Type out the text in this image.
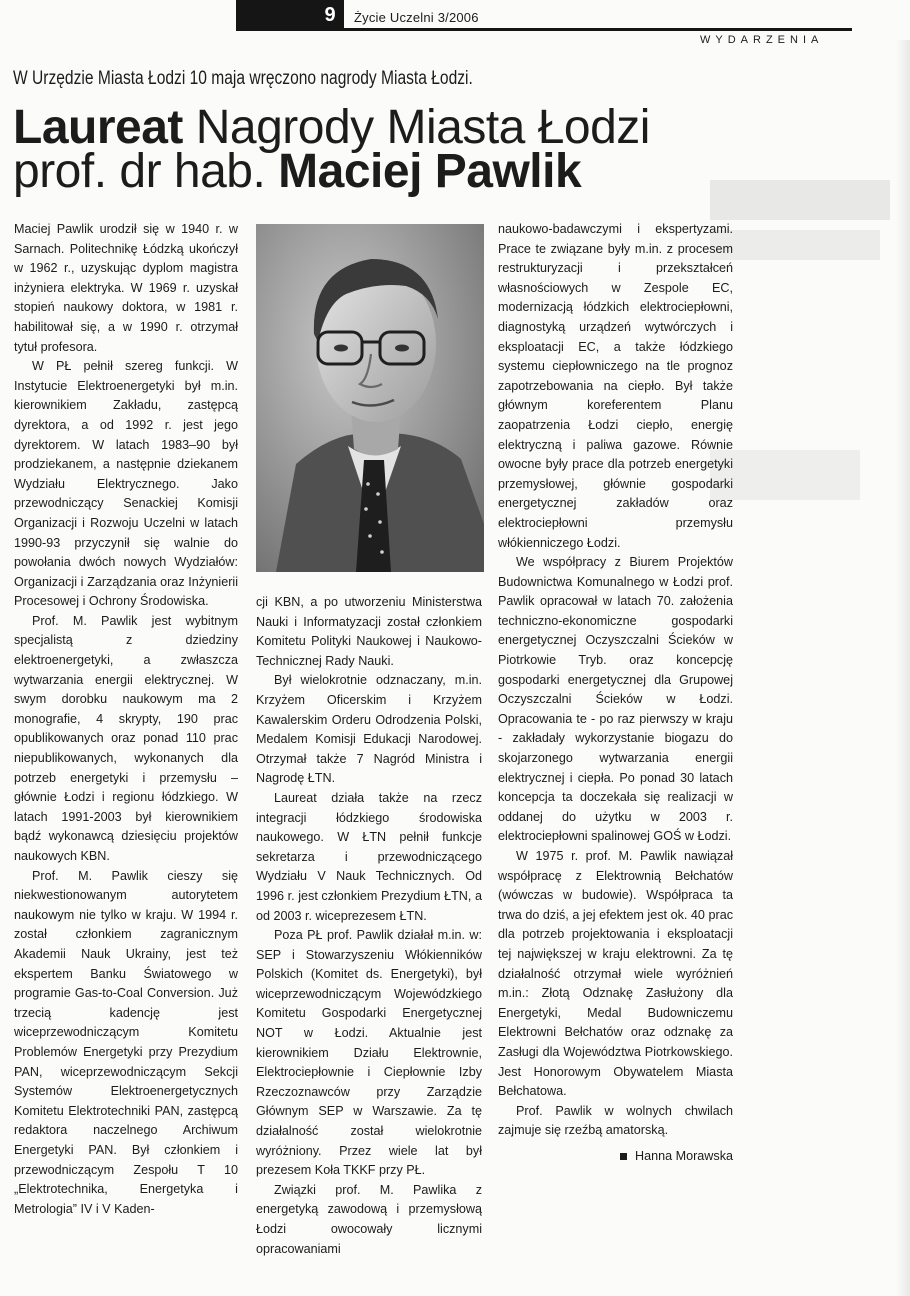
9	Życie Uczelni 3/2006
WYDARZENIA
W Urzędzie Miasta Łodzi 10 maja wręczono nagrody Miasta Łodzi.
Laureat Nagrody Miasta Łodzi
prof. dr hab. Maciej Pawlik

Maciej Pawlik urodził się w 1940 r. w Sarnach. Politechnikę Łódzką ukończył w 1962 r., uzyskując dyplom magistra inżyniera elektryka. W 1969 r. uzyskał stopień naukowy doktora, w 1981 r. habilitował się, a w 1990 r. otrzymał tytuł profesora.

W PŁ pełnił szereg funkcji. W Instytucie Elektroenergetyki był m.in. kierownikiem Zakładu, zastępcą dyrektora, a od 1992 r. jest jego dyrektorem. W latach 1983–90 był prodziekanem, a następnie dziekanem Wydziału Elektrycznego. Jako przewodniczący Senackiej Komisji Organizacji i Rozwoju Uczelni w latach 1990-93 przyczynił się walnie do powołania dwóch nowych Wydziałów: Organizacji i Zarządzania oraz Inżynierii Procesowej i Ochrony Środowiska.

Prof. M. Pawlik jest wybitnym specjalistą z dziedziny elektroenergetyki, a zwłaszcza wytwarzania energii elektrycznej. W swym dorobku naukowym ma 2 monografie, 4 skrypty, 190 prac opublikowanych oraz ponad 110 prac niepublikowanych, wykonanych dla potrzeb energetyki i przemysłu – głównie Łodzi i regionu łódzkiego. W latach 1991-2003 był kierownikiem bądź wykonawcą dziesięciu projektów naukowych KBN.

Prof. M. Pawlik cieszy się niekwestionowanym autorytetem naukowym nie tylko w kraju. W 1994 r. został członkiem zagranicznym Akademii Nauk Ukrainy, jest też ekspertem Banku Światowego w programie Gas-to-Coal Conversion. Już trzecią kadencję jest wiceprzewodniczącym Komitetu Problemów Energetyki przy Prezydium PAN, wiceprzewodniczącym Sekcji Systemów Elektroenergetycznych Komitetu Elektrotechniki PAN, zastępcą redaktora naczelnego Archiwum Energetyki PAN. Był członkiem i przewodniczącym Zespołu T 10 „Elektrotechnika, Energetyka i Metrologia” IV i V Kaden-

cji KBN, a po utworzeniu Ministerstwa Nauki i Informatyzacji został członkiem Komitetu Polityki Naukowej i Naukowo-Technicznej Rady Nauki.

Był wielokrotnie odznaczany, m.in. Krzyżem Oficerskim i Krzyżem Kawalerskim Orderu Odrodzenia Polski, Medalem Komisji Edukacji Narodowej. Otrzymał także 7 Nagród Ministra i Nagrodę ŁTN.

Laureat działa także na rzecz integracji łódzkiego środowiska naukowego. W ŁTN pełnił funkcje sekretarza i przewodniczącego Wydziału V Nauk Technicznych. Od 1996 r. jest członkiem Prezydium ŁTN, a od 2003 r. wiceprezesem ŁTN.

Poza PŁ prof. Pawlik działał m.in. w: SEP i Stowarzyszeniu Włókienników Polskich (Komitet ds. Energetyki), był wiceprzewodniczącym Wojewódzkiego Komitetu Gospodarki Energetycznej NOT w Łodzi. Aktualnie jest kierownikiem Działu Elektrownie, Elektrociepłownie i Ciepłownie Izby Rzeczoznawców przy Zarządzie Głównym SEP w Warszawie. Za tę działalność został wielokrotnie wyróżniony. Przez wiele lat był prezesem Koła TKKF przy PŁ.

Związki prof. M. Pawlika z energetyką zawodową i przemysłową Łodzi owocowały licznymi opracowaniami

naukowo-badawczymi i ekspertyzami. Prace te związane były m.in. z procesem restrukturyzacji i przekształceń własnościowych w Zespole EC, modernizacją łódzkich elektrociepłowni, diagnostyką urządzeń wytwórczych i eksploatacji EC, a także łódzkiego systemu ciepłowniczego na tle prognoz zapotrzebowania na ciepło. Był także głównym koreferentem Planu zaopatrzenia Łodzi ciepło, energię elektryczną i paliwa gazowe. Równie owocne były prace dla potrzeb energetyki przemysłowej, głównie gospodarki energetycznej zakładów oraz elektrociepłowni przemysłu włókienniczego Łodzi.

We współpracy z Biurem Projektów Budownictwa Komunalnego w Łodzi prof. Pawlik opracował w latach 70. założenia techniczno-ekonomiczne gospodarki energetycznej Oczyszczalni Ścieków w Piotrkowie Tryb. oraz koncepcję gospodarki energetycznej dla Grupowej Oczyszczalni Ścieków w Łodzi. Opracowania te - po raz pierwszy w kraju - zakładały wykorzystanie biogazu do skojarzonego wytwarzania energii elektrycznej i ciepła. Po ponad 30 latach koncepcja ta doczekała się realizacji w oddanej do użytku w 2003 r. elektrociepłowni spalinowej GOŚ w Łodzi.

W 1975 r. prof. M. Pawlik nawiązał współpracę z Elektrownią Bełchatów (wówczas w budowie). Współpraca ta trwa do dziś, a jej efektem jest ok. 40 prac dla potrzeb projektowania i eksploatacji tej największej w kraju elektrowni. Za tę działalność otrzymał wiele wyróżnień m.in.: Złotą Odznakę Zasłużony dla Energetyki, Medal Budowniczemu Elektrowni Bełchatów oraz odznakę za Zasługi dla Województwa Piotrkowskiego. Jest Honorowym Obywatelem Miasta Bełchatowa.

Prof. Pawlik w wolnych chwilach zajmuje się rzeźbą amatorską.

Hanna Morawska
